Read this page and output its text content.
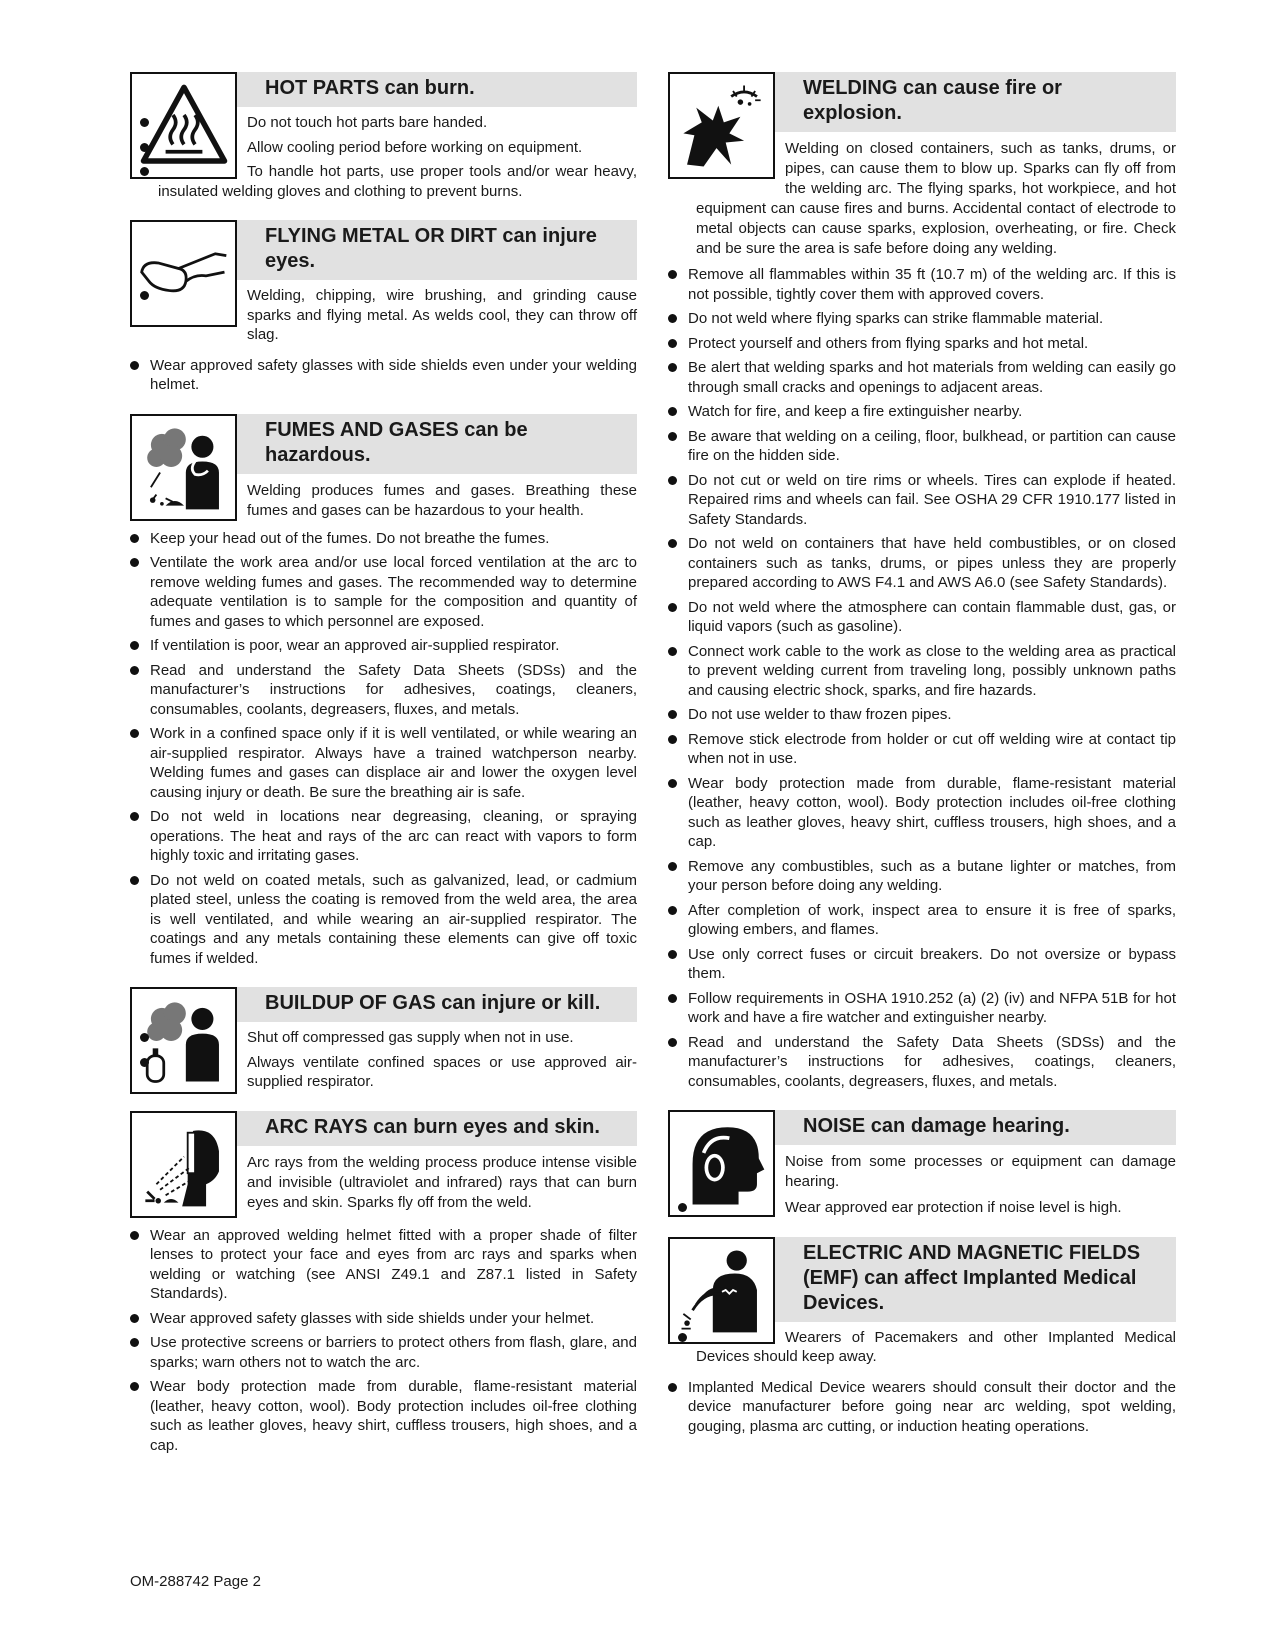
HOT PARTS can burn.
Do not touch hot parts bare handed.
Allow cooling period before working on equipment.
To handle hot parts, use proper tools and/or wear heavy, insulated welding gloves and clothing to prevent burns.
FLYING METAL OR DIRT can injure eyes.
Welding, chipping, wire brushing, and grinding cause sparks and flying metal. As welds cool, they can throw off slag.
Wear approved safety glasses with side shields even under your welding helmet.
FUMES AND GASES can be hazardous.
Welding produces fumes and gases. Breathing these fumes and gases can be hazardous to your health.
Keep your head out of the fumes. Do not breathe the fumes.
Ventilate the work area and/or use local forced ventilation at the arc to remove welding fumes and gases. The recommended way to determine adequate ventilation is to sample for the composition and quantity of fumes and gases to which personnel are exposed.
If ventilation is poor, wear an approved air-supplied respirator.
Read and understand the Safety Data Sheets (SDSs) and the manufacturer’s instructions for adhesives, coatings, cleaners, consumables, coolants, degreasers, fluxes, and metals.
Work in a confined space only if it is well ventilated, or while wearing an air-supplied respirator. Always have a trained watchperson nearby. Welding fumes and gases can displace air and lower the oxygen level causing injury or death. Be sure the breathing air is safe.
Do not weld in locations near degreasing, cleaning, or spraying operations. The heat and rays of the arc can react with vapors to form highly toxic and irritating gases.
Do not weld on coated metals, such as galvanized, lead, or cadmium plated steel, unless the coating is removed from the weld area, the area is well ventilated, and while wearing an air-supplied respirator. The coatings and any metals containing these elements can give off toxic fumes if welded.
BUILDUP OF GAS can injure or kill.
Shut off compressed gas supply when not in use.
Always ventilate confined spaces or use approved air-supplied respirator.
ARC RAYS can burn eyes and skin.
Arc rays from the welding process produce intense visible and invisible (ultraviolet and infrared) rays that can burn eyes and skin. Sparks fly off from the weld.
Wear an approved welding helmet fitted with a proper shade of filter lenses to protect your face and eyes from arc rays and sparks when welding or watching (see ANSI Z49.1 and Z87.1 listed in Safety Standards).
Wear approved safety glasses with side shields under your helmet.
Use protective screens or barriers to protect others from flash, glare, and sparks; warn others not to watch the arc.
Wear body protection made from durable, flame-resistant material (leather, heavy cotton, wool). Body protection includes oil-free clothing such as leather gloves, heavy shirt, cuffless trousers, high shoes, and a cap.
WELDING can cause fire or explosion.
Welding on closed containers, such as tanks, drums, or pipes, can cause them to blow up. Sparks can fly off from the welding arc. The flying sparks, hot workpiece, and hot equipment can cause fires and burns. Accidental contact of electrode to metal objects can cause sparks, explosion, overheating, or fire. Check and be sure the area is safe before doing any welding.
Remove all flammables within 35 ft (10.7 m) of the welding arc. If this is not possible, tightly cover them with approved covers.
Do not weld where flying sparks can strike flammable material.
Protect yourself and others from flying sparks and hot metal.
Be alert that welding sparks and hot materials from welding can easily go through small cracks and openings to adjacent areas.
Watch for fire, and keep a fire extinguisher nearby.
Be aware that welding on a ceiling, floor, bulkhead, or partition can cause fire on the hidden side.
Do not cut or weld on tire rims or wheels. Tires can explode if heated. Repaired rims and wheels can fail. See OSHA 29 CFR 1910.177 listed in Safety Standards.
Do not weld on containers that have held combustibles, or on closed containers such as tanks, drums, or pipes unless they are properly prepared according to AWS F4.1 and AWS A6.0 (see Safety Standards).
Do not weld where the atmosphere can contain flammable dust, gas, or liquid vapors (such as gasoline).
Connect work cable to the work as close to the welding area as practical to prevent welding current from traveling long, possibly unknown paths and causing electric shock, sparks, and fire hazards.
Do not use welder to thaw frozen pipes.
Remove stick electrode from holder or cut off welding wire at contact tip when not in use.
Wear body protection made from durable, flame-resistant material (leather, heavy cotton, wool). Body protection includes oil-free clothing such as leather gloves, heavy shirt, cuffless trousers, high shoes, and a cap.
Remove any combustibles, such as a butane lighter or matches, from your person before doing any welding.
After completion of work, inspect area to ensure it is free of sparks, glowing embers, and flames.
Use only correct fuses or circuit breakers. Do not oversize or bypass them.
Follow requirements in OSHA 1910.252 (a) (2) (iv) and NFPA 51B for hot work and have a fire watcher and extinguisher nearby.
Read and understand the Safety Data Sheets (SDSs) and the manufacturer’s instructions for adhesives, coatings, cleaners, consumables, coolants, degreasers, fluxes, and metals.
NOISE can damage hearing.
Noise from some processes or equipment can damage hearing.
Wear approved ear protection if noise level is high.
ELECTRIC AND MAGNETIC FIELDS (EMF) can affect Implanted Medical Devices.
Wearers of Pacemakers and other Implanted Medical Devices should keep away.
Implanted Medical Device wearers should consult their doctor and the device manufacturer before going near arc welding, spot welding, gouging, plasma arc cutting, or induction heating operations.
OM-288742 Page 2
